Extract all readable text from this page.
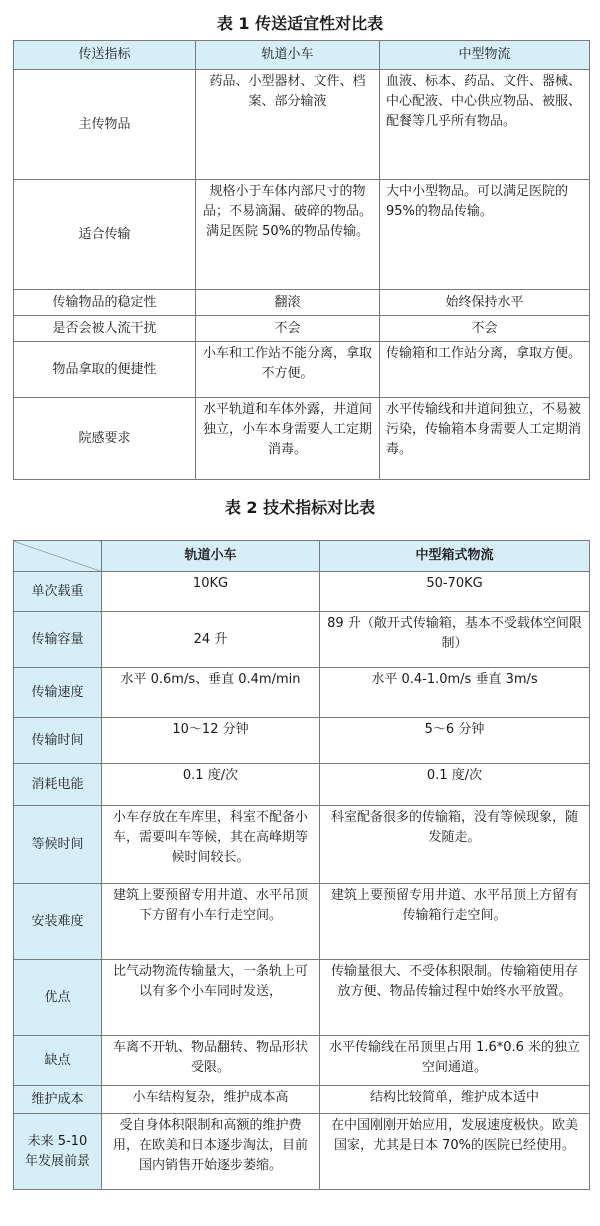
表 1 传送适宜性对比表
传送指标	轨道小车	中型物流
主传物品	药品、小型器材、文件、档案、部分输液	血液、标本、药品、文件、器械、中心配液、中心供应物品、被服、配餐等几乎所有物品。
适合传输	规格小于车体内部尺寸的物品；不易滴漏、破碎的物品。满足医院 50%的物品传输。	大中小型物品。可以满足医院的 95%的物品传输。
传输物品的稳定性	翻滚	始终保持水平
是否会被人流干扰	不会	不会
物品拿取的便捷性	小车和工作站不能分离，拿取不方便。	传输箱和工作站分离，拿取方便。
院感要求	水平轨道和车体外露，井道间独立，小车本身需要人工定期消毒。	水平传输线和井道间独立，不易被污染，传输箱本身需要人工定期消毒。
表 2 技术指标对比表
	轨道小车	中型箱式物流
单次载重	10KG	50-70KG
传输容量	24 升	89 升（敞开式传输箱，基本不受载体空间限制）
传输速度	水平 0.6m/s、垂直 0.4m/min	水平 0.4-1.0m/s 垂直 3m/s
传输时间	10～12 分钟	5～6 分钟
消耗电能	0.1 度/次	0.1 度/次
等候时间	小车存放在车库里，科室不配备小车，需要叫车等候，其在高峰期等候时间较长。	科室配备很多的传输箱，没有等候现象，随发随走。
安装难度	建筑上要预留专用井道、水平吊顶下方留有小车行走空间。	建筑上要预留专用井道、水平吊顶上方留有传输箱行走空间。
优点	比气动物流传输量大，一条轨上可以有多个小车同时发送，	传输量很大、不受体积限制。传输箱使用存放方便、物品传输过程中始终水平放置。
缺点	车离不开轨、物品翻转、物品形状受限。	水平传输线在吊顶里占用 1.6*0.6 米的独立空间通道。
维护成本	小车结构复杂，维护成本高	结构比较简单，维护成本适中
未来 5-10 年发展前景	受自身体积限制和高额的维护费用，在欧美和日本逐步淘汰，目前国内销售开始逐步萎缩。	在中国刚刚开始应用，发展速度极快。欧美国家，尤其是日本 70%的医院已经使用。
